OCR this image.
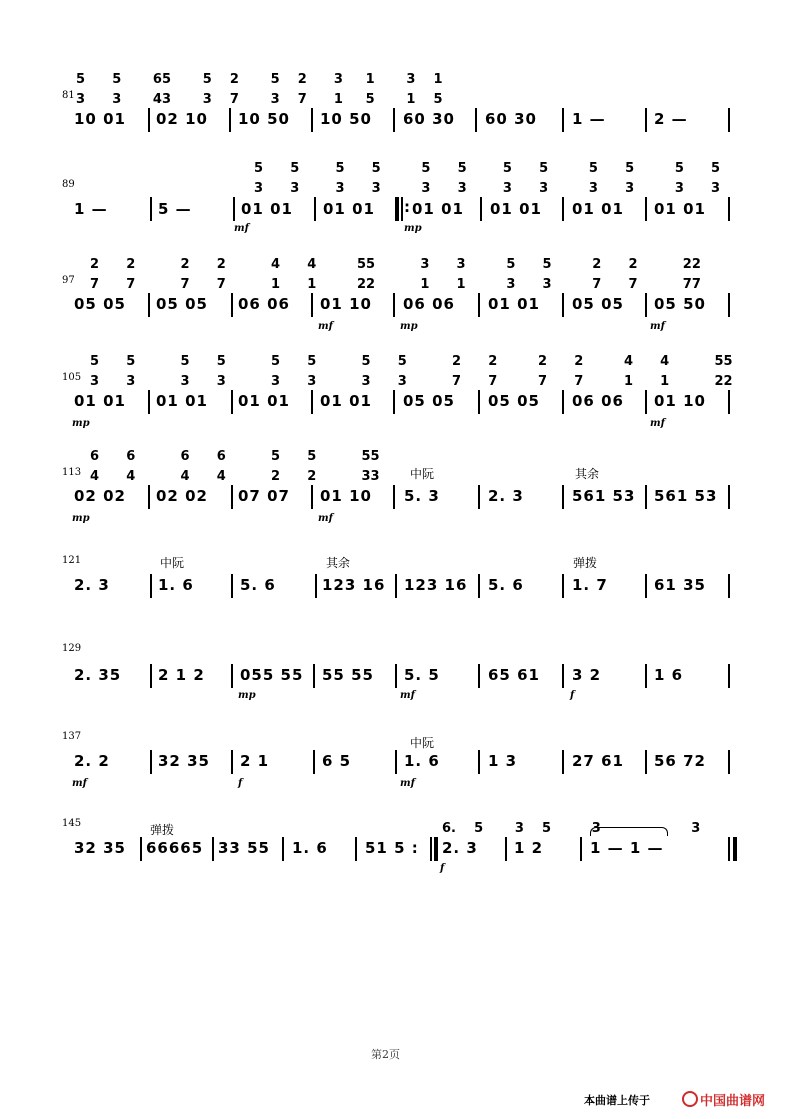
81
5      5       65       5    2       5    2      3     1       3    1
3      3       43       3    7       3    7      1     5       1    5
10 01 02 10 10 50 10 50 60 30 60 30 1 —	2 —
89
5      5        5      5         5      5        5      5         5      5         5      5
3      3        3      3         3      3        3      3         3      3         3      3
1 —	5 —	01 01
mf
01 01 : 01 01
mp
01 01 01 01 01 01
97
2      2          2      2          4      4         55          3      3         5      5         2      2          22
7      7          7      7          1      1         22          1      1         3      3         7      7          77
05 05 05 05 06 06 01 10
mf
06 06
mp
01 01 05 05 05 50
mf
105
5      5          5      5          5      5          5      5          2      2         2      2         4      4          55
3      3          3      3          3      3          3      3          7      7         7      7         1      1          22
01 01
mp
01 01 01 01 01 01 05 05 05 05 06 06 01 10
mf
113
6      6          6      6          5      5          55
4      4          4      4          2      2          33	中阮	其余
02 02
mp
02 02 07 07 01 10
mf
5. 3	2. 3	561 53 561 53
121	中阮	其余	弹拨
2. 3	1. 6	5. 6	123 16 123 16 5. 6	1. 7	61 35
129
2. 35 2 1 2 055 55
mp
55 55 5. 5
mf
65 61 3 2
f
1 6
137	中阮
2. 2
mf
32 35 2 1
f
6 5	1. 6
mf
1 3	27 61 56 72
145	弹拨	6.    5       3    5         3                    3
32 35 66665 33 55 1. 6 51 5 : 2. 3
f
1 2	1 — 1 —
第2页
本曲谱上传于	中国曲谱网
